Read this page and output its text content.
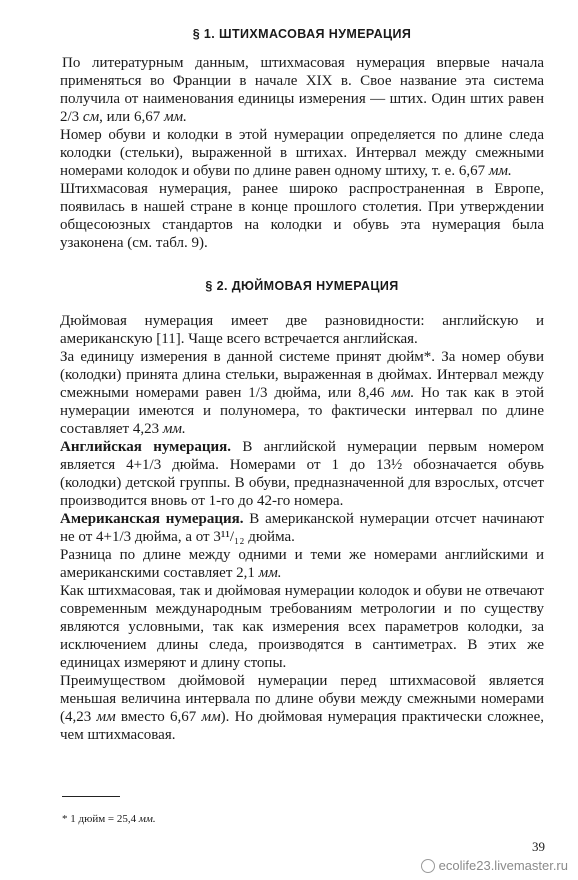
§ 1. ШТИХМАСОВАЯ НУМЕРАЦИЯ

По литературным данным, штихмасовая нумерация впервые начала применяться во Франции в начале XIX в. Свое название эта система получила от наименования единицы измерения — штих. Один штих равен 2/3 см, или 6,67 мм.

Номер обуви и колодки в этой нумерации определяется по длине следа колодки (стельки), выраженной в штихах. Интервал между смежными номерами колодок и обуви по длине равен одному штиху, т. е. 6,67 мм.

Штихмасовая нумерация, ранее широко распространенная в Европе, появилась в нашей стране в конце прошлого столетия. При утверждении общесоюзных стандартов на колодки и обувь эта нумерация была узаконена (см. табл. 9).

§ 2. ДЮЙМОВАЯ НУМЕРАЦИЯ

Дюймовая нумерация имеет две разновидности: английскую и американскую [11]. Чаще всего встречается английская.

За единицу измерения в данной системе принят дюйм*. За номер обуви (колодки) принята длина стельки, выраженная в дюймах. Интервал между смежными номерами равен 1/3 дюйма, или 8,46 мм. Но так как в этой нумерации имеются и полуномера, то фактически интервал по длине составляет 4,23 мм.

Английская нумерация. В английской нумерации первым номером является 4+1/3 дюйма. Номерами от 1 до 13½ обозначается обувь (колодки) детской группы. В обуви, предназначенной для взрослых, отсчет производится вновь от 1-го до 42-го номера.

Американская нумерация. В американской нумерации отсчет начинают не от 4+1/3 дюйма, а от 3¹¹/₁₂ дюйма.

Разница по длине между одними и теми же номерами английскими и американскими составляет 2,1 мм.

Как штихмасовая, так и дюймовая нумерации колодок и обуви не отвечают современным международным требованиям метрологии и по существу являются условными, так как измерения всех параметров колодки, за исключением длины следа, производятся в сантиметрах. В этих же единицах измеряют и длину стопы.

Преимуществом дюймовой нумерации перед штихмасовой является меньшая величина интервала по длине обуви между смежными номерами (4,23 мм вместо 6,67 мм). Но дюймовая нумерация практически сложнее, чем штихмасовая.

* 1 дюйм = 25,4 мм.
39
ecolife23.livemaster.ru
